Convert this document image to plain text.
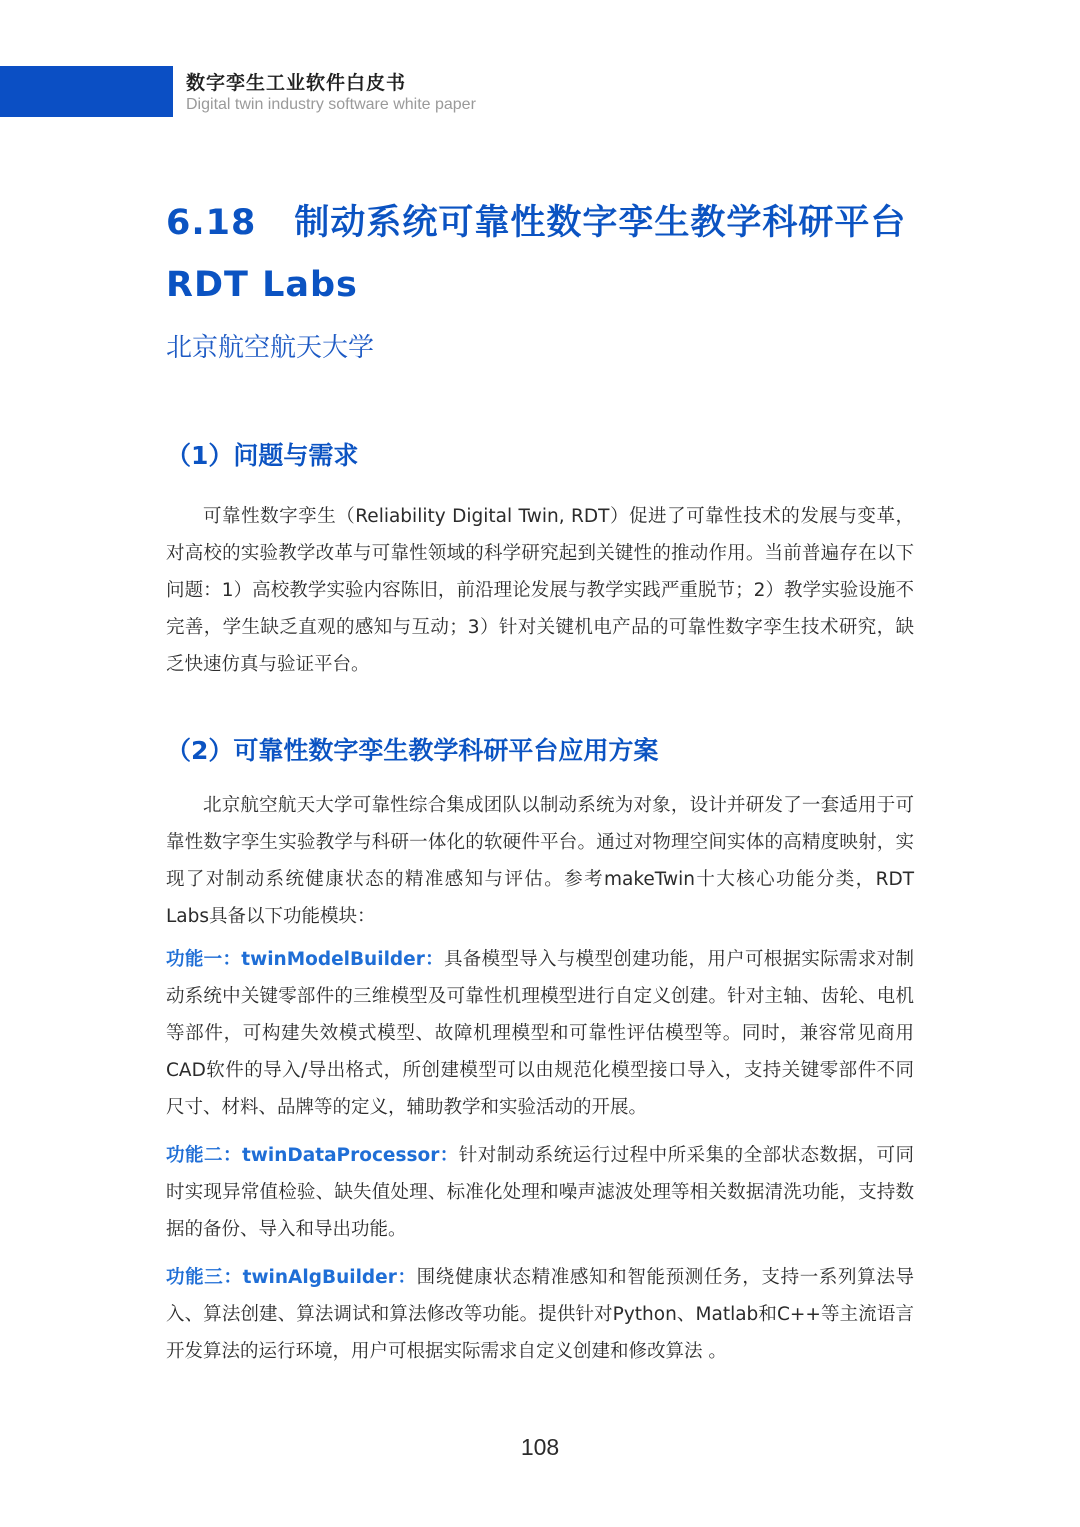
数字孪生工业软件白皮书
Digital twin industry software white paper
6.18 制动系统可靠性数字孪生教学科研平台
RDT Labs
北京航空航天大学
（1）问题与需求

可靠性数字孪生（Reliability Digital Twin, RDT）促进了可靠性技术的发展与变革，对高校的实验教学改革与可靠性领域的科学研究起到关键性的推动作用。当前普遍存在以下问题：1）高校教学实验内容陈旧，前沿理论发展与教学实践严重脱节；2）教学实验设施不完善，学生缺乏直观的感知与互动；3）针对关键机电产品的可靠性数字孪生技术研究，缺乏快速仿真与验证平台。

（2）可靠性数字孪生教学科研平台应用方案

北京航空航天大学可靠性综合集成团队以制动系统为对象，设计并研发了一套适用于可靠性数字孪生实验教学与科研一体化的软硬件平台。通过对物理空间实体的高精度映射，实现了对制动系统健康状态的精准感知与评估。参考makeTwin十大核心功能分类，RDT Labs具备以下功能模块：

功能一：twinModelBuilder：具备模型导入与模型创建功能，用户可根据实际需求对制动系统中关键零部件的三维模型及可靠性机理模型进行自定义创建。针对主轴、齿轮、电机等部件，可构建失效模式模型、故障机理模型和可靠性评估模型等。同时，兼容常见商用CAD软件的导入/导出格式，所创建模型可以由规范化模型接口导入，支持关键零部件不同尺寸、材料、品牌等的定义，辅助教学和实验活动的开展。

功能二：twinDataProcessor：针对制动系统运行过程中所采集的全部状态数据，可同时实现异常值检验、缺失值处理、标准化处理和噪声滤波处理等相关数据清洗功能，支持数据的备份、导入和导出功能。

功能三：twinAlgBuilder：围绕健康状态精准感知和智能预测任务，支持一系列算法导入、算法创建、算法调试和算法修改等功能。提供针对Python、Matlab和C++等主流语言开发算法的运行环境，用户可根据实际需求自定义创建和修改算法 。

108
